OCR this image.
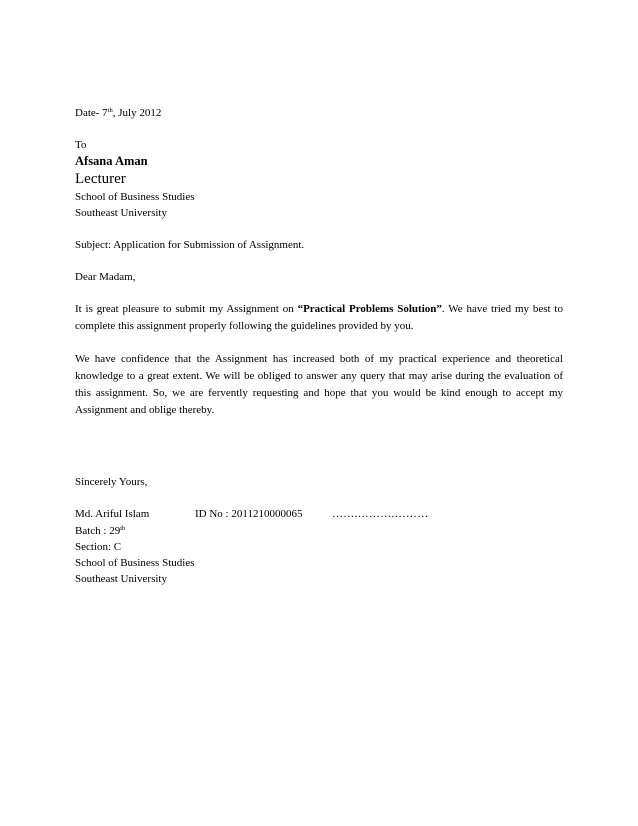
Date- 7th, July 2012
To
Afsana Aman
Lecturer
School of Business Studies
Southeast University
Subject: Application for Submission of Assignment.
Dear Madam,

It is great pleasure to submit my Assignment on “Practical Problems Solution”. We have tried my best to complete this assignment properly following the guidelines provided by you.

We have confidence that the Assignment has increased both of my practical experience and theoretical knowledge to a great extent. We will be obliged to answer any query that may arise during the evaluation of this assignment. So, we are fervently requesting and hope that you would be kind enough to accept my Assignment and oblige thereby.

Sincerely Yours,
Md. Ariful Islam	ID No : 2011210000065	…….……….………
Batch : 29th
Section: C
School of Business Studies
Southeast University
